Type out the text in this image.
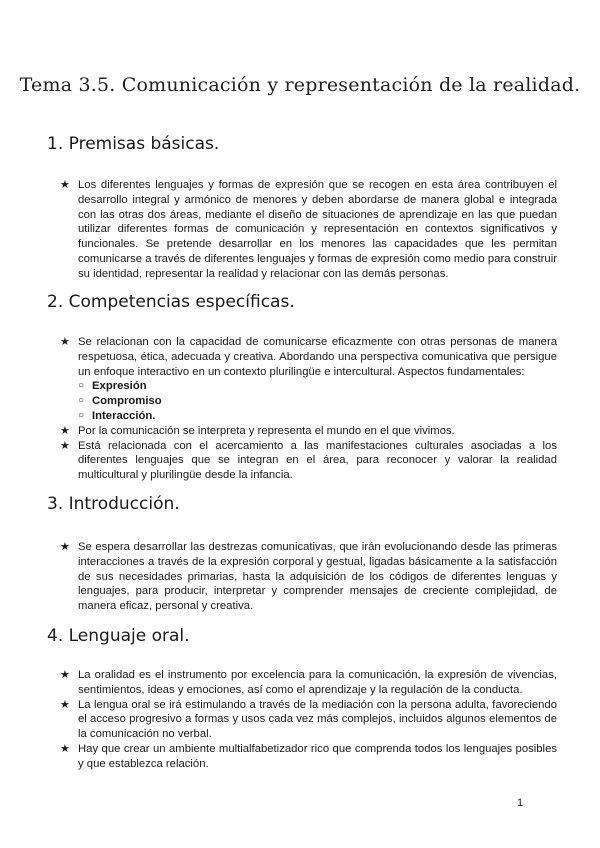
Tema 3.5. Comunicación y representación de la realidad.
1. Premisas básicas.
★ Los diferentes lenguajes y formas de expresión que se recogen en esta área contribuyen el desarrollo integral y armónico de menores y deben abordarse de manera global e integrada con las otras dos áreas, mediante el diseño de situaciones de aprendizaje en las que puedan utilizar diferentes formas de comunicación y representación en contextos significativos y funcionales. Se pretende desarrollar en los menores las capacidades que les permitan comunicarse a través de diferentes lenguajes y formas de expresión como medio para construir su identidad, representar la realidad y relacionar con las demás personas.
2. Competencias específicas.
★ Se relacionan con la capacidad de comunicarse eficazmente con otras personas de manera respetuosa, ética, adecuada y creativa. Abordando una perspectiva comunicativa que persigue un enfoque interactivo en un contexto plurilingüe e intercultural. Aspectos fundamentales:
○ Expresión
○ Compromiso
○ Interacción.
★ Por la comunicación se interpreta y representa el mundo en el que vivimos.
★ Está relacionada con el acercamiento a las manifestaciones culturales asociadas a los diferentes lenguajes que se integran en el área, para reconocer y valorar la realidad multicultural y plurilingüe desde la infancia.
3. Introducción.
★ Se espera desarrollar las destrezas comunicativas, que irán evolucionando desde las primeras interacciones a través de la expresión corporal y gestual, ligadas básicamente a la satisfacción de sus necesidades primarias, hasta la adquisición de los códigos de diferentes lenguas y lenguajes, para producir, interpretar y comprender mensajes de creciente complejidad, de manera eficaz, personal y creativa.
4. Lenguaje oral.
★ La oralidad es el instrumento por excelencia para la comunicación, la expresión de vivencias, sentimientos, ideas y emociones, así como el aprendizaje y la regulación de la conducta.
★ La lengua oral se irá estimulando a través de la mediación con la persona adulta, favoreciendo el acceso progresivo a formas y usos cada vez más complejos, incluidos algunos elementos de la comunicación no verbal.
★ Hay que crear un ambiente multialfabetizador rico que comprenda todos los lenguajes posibles y que establezca relación.
1
